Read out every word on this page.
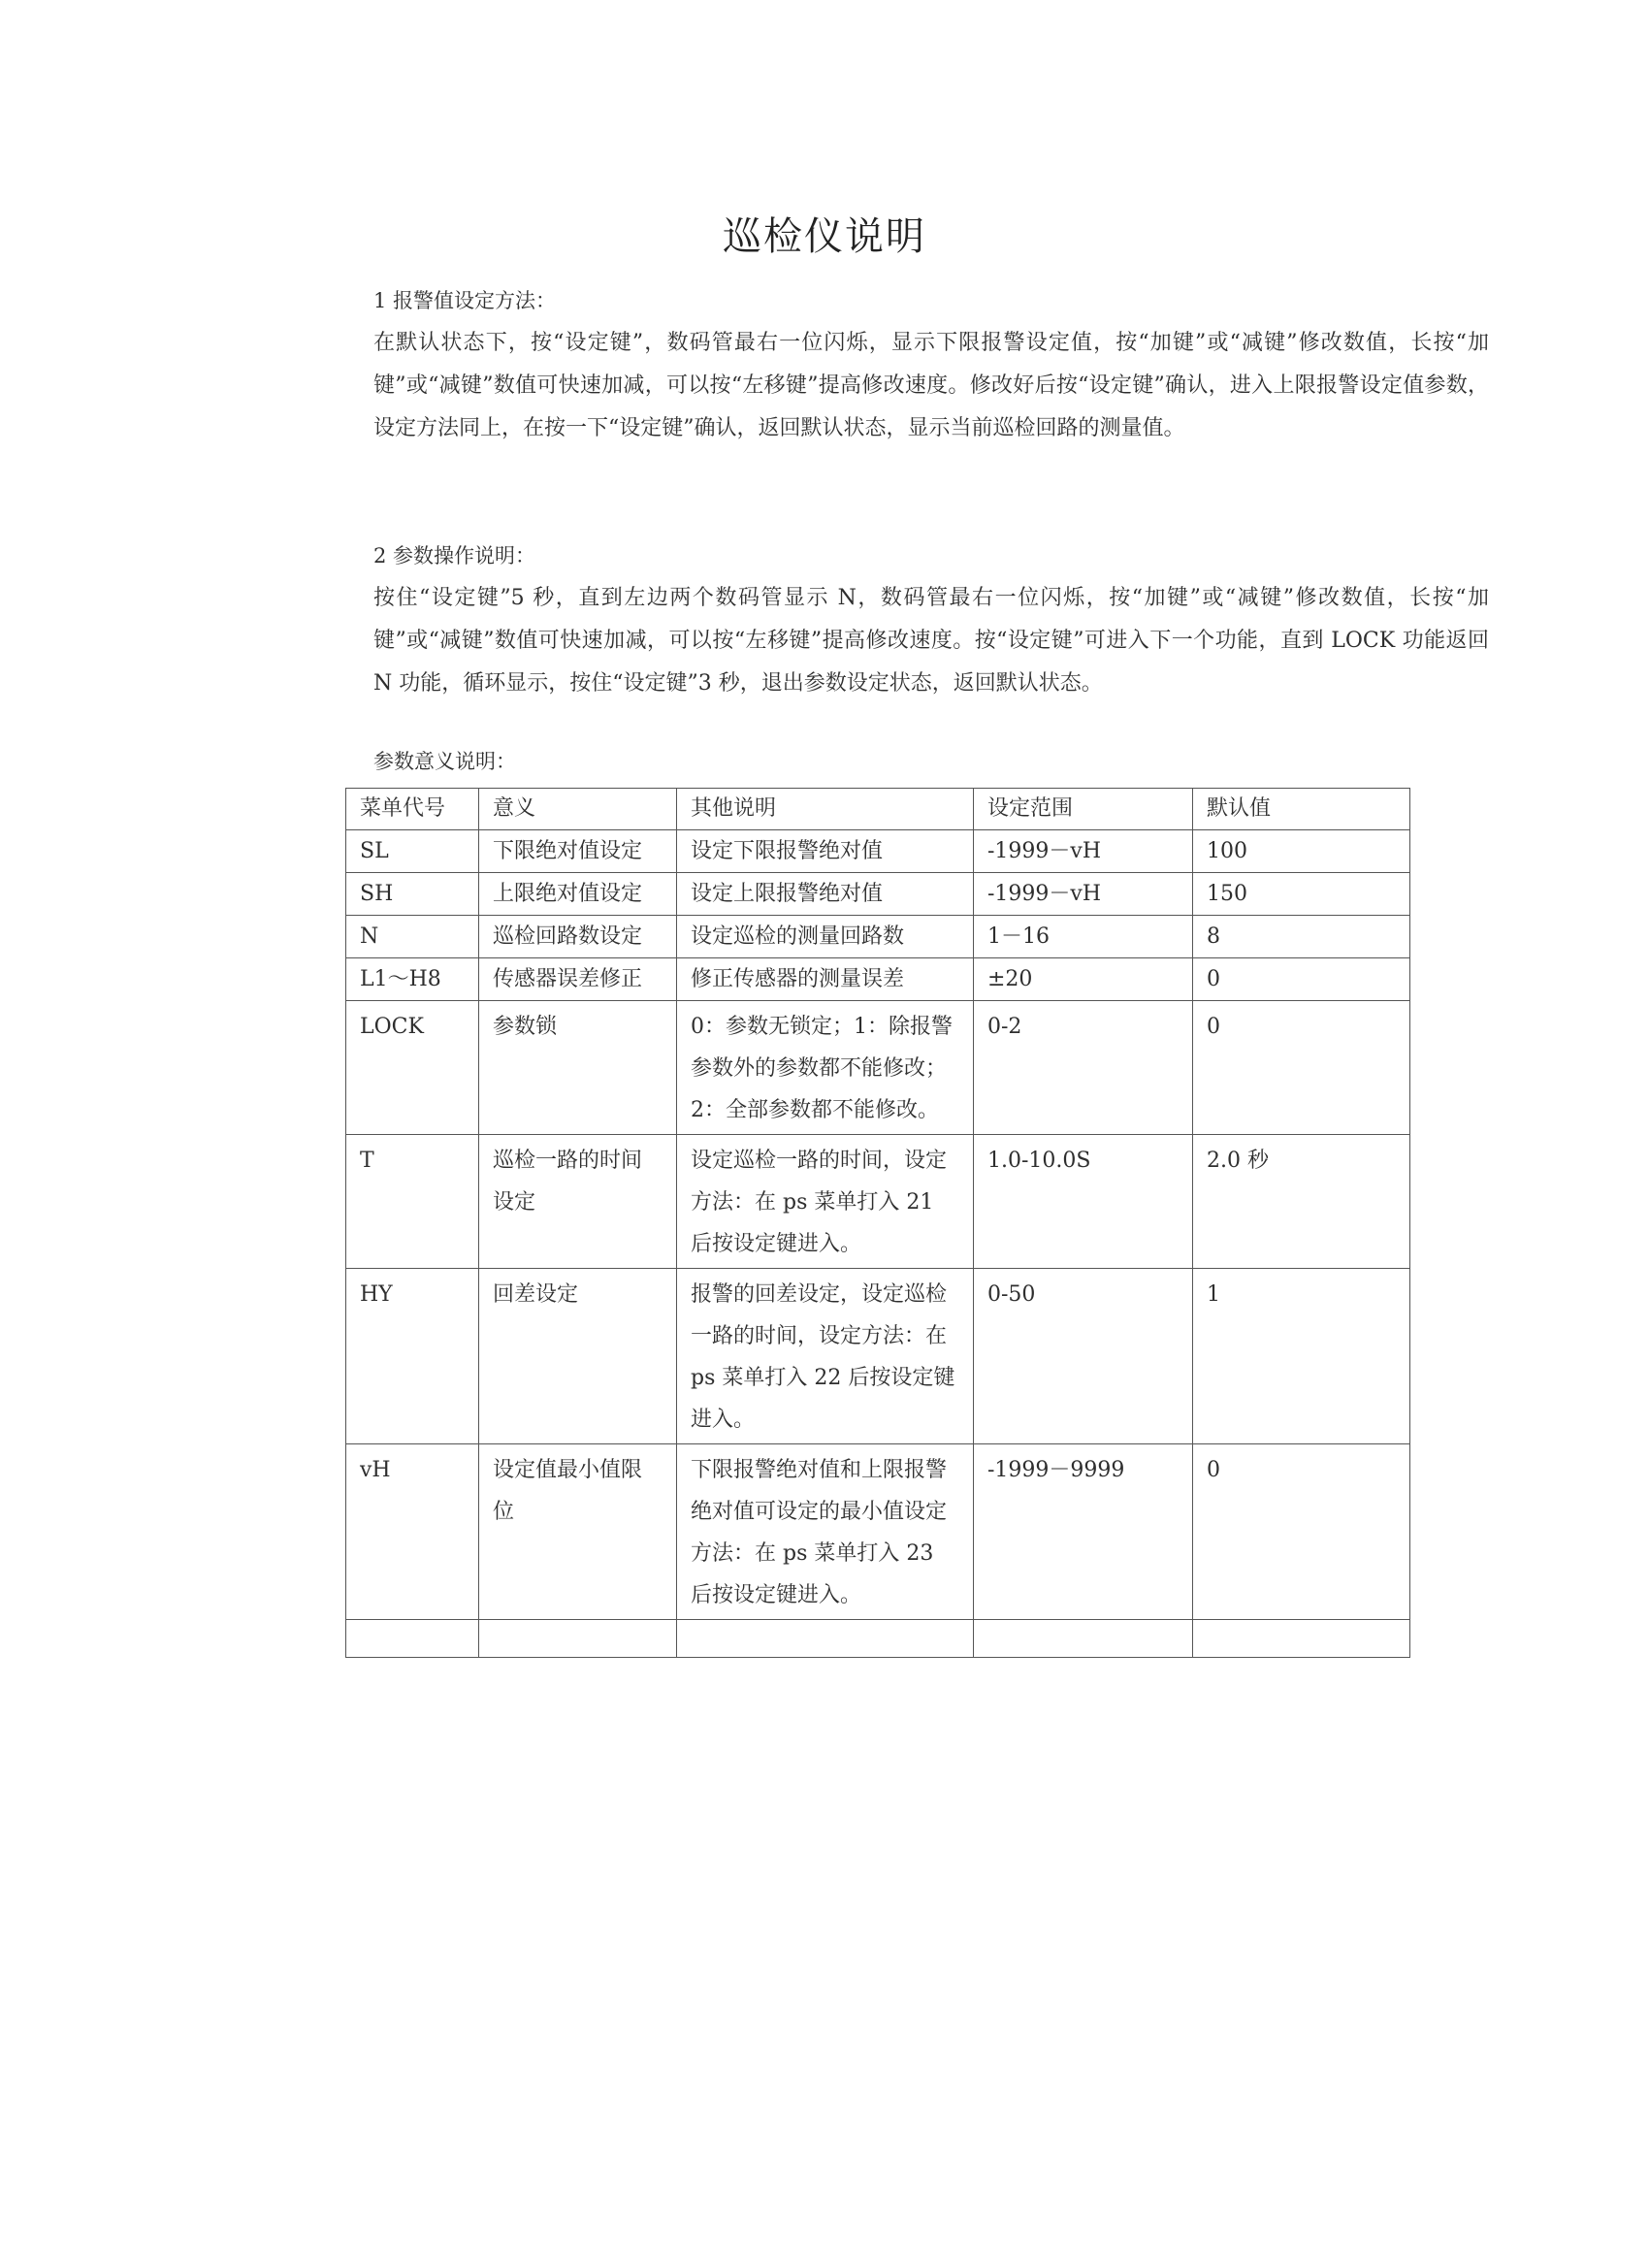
巡检仪说明
1 报警值设定方法：

在默认状态下，按“设定键”，数码管最右一位闪烁，显示下限报警设定值，按“加键”或“减键”修改数值，长按“加键”或“减键”数值可快速加减，可以按“左移键”提高修改速度。修改好后按“设定键”确认，进入上限报警设定值参数，设定方法同上，在按一下“设定键”确认，返回默认状态，显示当前巡检回路的测量值。

2 参数操作说明：

按住“设定键”5 秒，直到左边两个数码管显示 N，数码管最右一位闪烁，按“加键”或“减键”修改数值，长按“加键”或“减键”数值可快速加减，可以按“左移键”提高修改速度。按“设定键”可进入下一个功能，直到 LOCK 功能返回 N 功能，循环显示，按住“设定键”3 秒，退出参数设定状态，返回默认状态。

参数意义说明：
菜单代号	意义	其他说明	设定范围	默认值
SL	下限绝对值设定	设定下限报警绝对值	-1999－vH	100
SH	上限绝对值设定	设定上限报警绝对值	-1999－vH	150
N	巡检回路数设定	设定巡检的测量回路数	1－16	8
L1～H8	传感器误差修正	修正传感器的测量误差	±20	0
LOCK	参数锁	0：参数无锁定；1：除报警参数外的参数都不能修改；2：全部参数都不能修改。	0-2	0
T	巡检一路的时间设定	设定巡检一路的时间，设定方法：在 ps 菜单打入 21 后按设定键进入。	1.0-10.0S	2.0 秒
HY	回差设定	报警的回差设定，设定巡检一路的时间，设定方法：在 ps 菜单打入 22 后按设定键进入。	0-50	1
vH	设定值最小值限位	下限报警绝对值和上限报警绝对值可设定的最小值设定方法：在 ps 菜单打入 23 后按设定键进入。	-1999－9999	0
